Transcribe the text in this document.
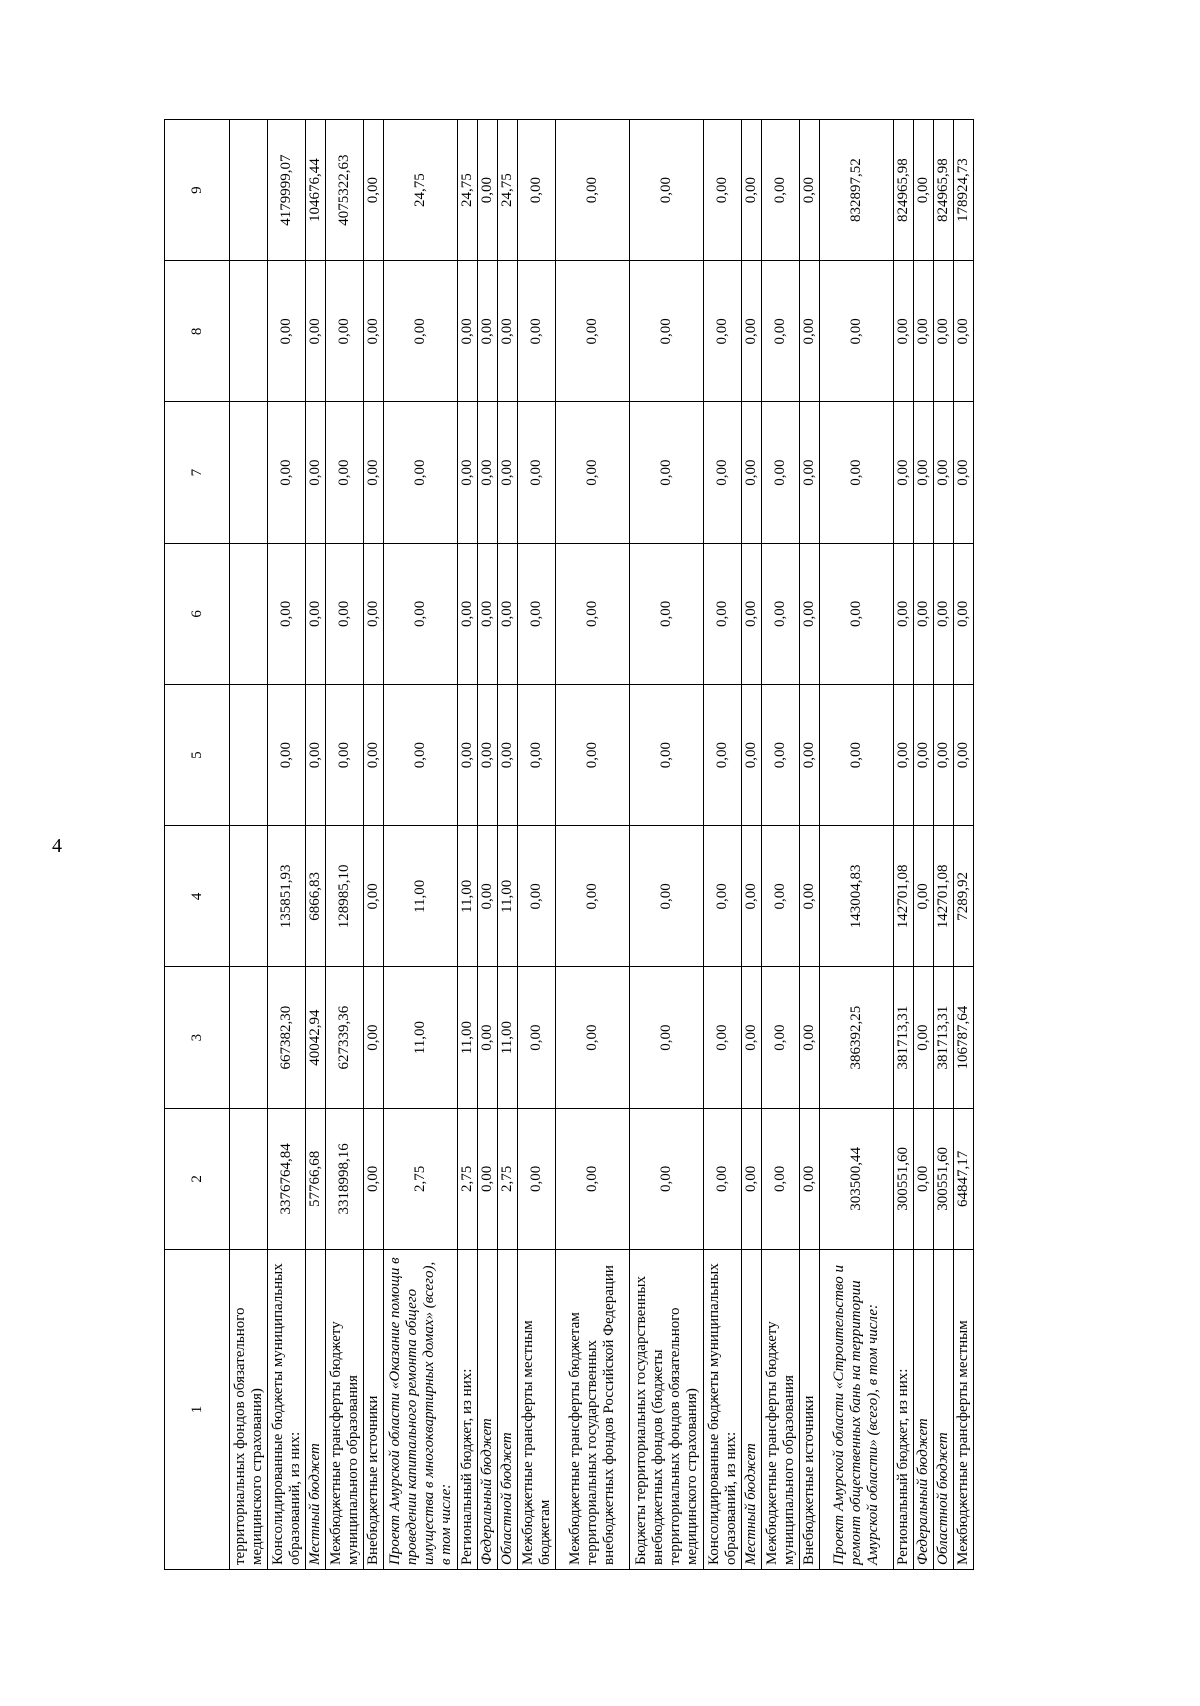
4
1	2	3	4	5	6	7	8	9
территориальных фондов обязательного медицинского страхования)								
Консолидированные бюджеты муниципальных образований, из них:	3376764,84	667382,30	135851,93	0,00	0,00	0,00	0,00	4179999,07
Местный бюджет	57766,68	40042,94	6866,83	0,00	0,00	0,00	0,00	104676,44
Межбюджетные трансферты бюджету муниципального образования	3318998,16	627339,36	128985,10	0,00	0,00	0,00	0,00	4075322,63
Внебюджетные источники	0,00	0,00	0,00	0,00	0,00	0,00	0,00	0,00
Проект Амурской области «Оказание помощи в проведении капитального ремонта общего имущества в многоквартирных домах» (всего), в том числе:	2,75	11,00	11,00	0,00	0,00	0,00	0,00	24,75
Региональный бюджет, из них:	2,75	11,00	11,00	0,00	0,00	0,00	0,00	24,75
Федеральный бюджет	0,00	0,00	0,00	0,00	0,00	0,00	0,00	0,00
Областной бюджет	2,75	11,00	11,00	0,00	0,00	0,00	0,00	24,75
Межбюджетные трансферты местным бюджетам	0,00	0,00	0,00	0,00	0,00	0,00	0,00	0,00
Межбюджетные трансферты бюджетам территориальных государственных внебюджетных фондов Российской Федерации	0,00	0,00	0,00	0,00	0,00	0,00	0,00	0,00
Бюджеты территориальных государственных внебюджетных фондов (бюджеты территориальных фондов обязательного медицинского страхования)	0,00	0,00	0,00	0,00	0,00	0,00	0,00	0,00
Консолидированные бюджеты муниципальных образований, из них:	0,00	0,00	0,00	0,00	0,00	0,00	0,00	0,00
Местный бюджет	0,00	0,00	0,00	0,00	0,00	0,00	0,00	0,00
Межбюджетные трансферты бюджету муниципального образования	0,00	0,00	0,00	0,00	0,00	0,00	0,00	0,00
Внебюджетные источники	0,00	0,00	0,00	0,00	0,00	0,00	0,00	0,00
Проект Амурской области «Строительство и ремонт общественных бань на территории Амурской области» (всего), в том числе:	303500,44	386392,25	143004,83	0,00	0,00	0,00	0,00	832897,52
Региональный бюджет, из них:	300551,60	381713,31	142701,08	0,00	0,00	0,00	0,00	824965,98
Федеральный бюджет	0,00	0,00	0,00	0,00	0,00	0,00	0,00	0,00
Областной бюджет	300551,60	381713,31	142701,08	0,00	0,00	0,00	0,00	824965,98
Межбюджетные трансферты местным	64847,17	106787,64	7289,92	0,00	0,00	0,00	0,00	178924,73
